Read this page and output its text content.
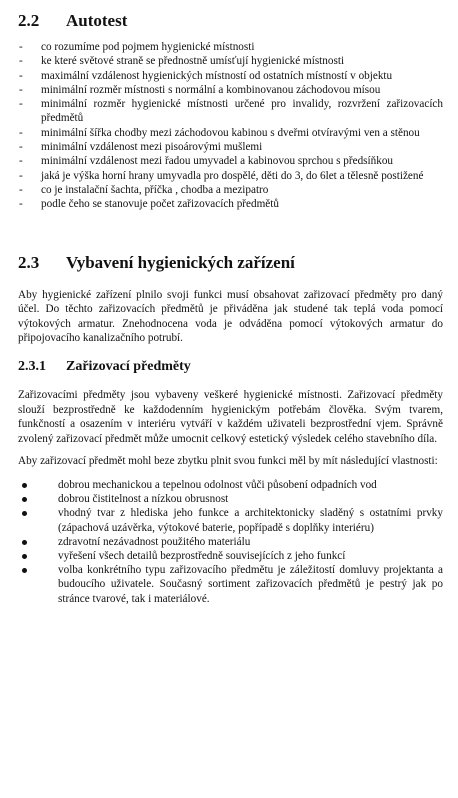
2.2	Autotest
- co rozumíme pod pojmem hygienické místnosti
- ke které světové straně se přednostně umísťují hygienické místnosti
- maximální vzdálenost hygienických místností od ostatních místností v objektu
- minimální rozměr místnosti s normální a kombinovanou záchodovou mísou
- minimální rozměr hygienické místnosti určené pro invalidy, rozvržení zařizovacích předmětů
- minimální šířka chodby mezi záchodovou kabinou s dveřmi otvíravými ven a stěnou
- minimální vzdálenost mezi pisoárovými mušlemi
- minimální vzdálenost mezi řadou umyvadel a kabinovou sprchou s předsíňkou
- jaká je výška horní hrany umyvadla pro dospělé, děti do 3, do 6let a tělesně postižené
- co je instalační šachta, příčka , chodba a mezipatro
- podle čeho se stanovuje počet zařizovacích předmětů
2.3	Vybavení hygienických zařízení

Aby hygienické zařízení plnilo svoji funkci musí obsahovat zařizovací předměty pro daný účel. Do těchto zařizovacích předmětů je přiváděna jak studené tak teplá voda pomocí výtokových armatur. Znehodnocena voda je odváděna pomocí výtokových armatur do připojovacího kanalizačního potrubí.

2.3.1	Zařizovací předměty

Zařizovacími předměty jsou vybaveny veškeré hygienické místnosti. Zařizovací předměty slouží bezprostředně ke každodenním hygienickým potřebám člověka. Svým tvarem, funkčností a osazením v interiéru vytváří v každém uživateli bezprostřední vjem. Správně zvolený zařizovací předmět může umocnit celkový estetický výsledek celého stavebního díla.

Aby zařizovací předmět mohl beze zbytku plnit svou funkci měl by mít následující vlastnosti:

dobrou mechanickou a tepelnou odolnost vůči působení odpadních vod
dobrou čistitelnost a nízkou obrusnost
vhodný tvar z hlediska jeho funkce a architektonicky sladěný s ostatními prvky (zápachová uzávěrka, výtokové baterie, popřípadě s doplňky interiéru)
zdravotní nezávadnost použitého materiálu
vyřešení všech detailů bezprostředně souvisejících z jeho funkcí
volba konkrétního typu zařizovacího předmětu je záležitostí domluvy projektanta a budoucího uživatele. Současný sortiment zařizovacích předmětů je pestrý jak po stránce tvarové, tak i materiálové.
